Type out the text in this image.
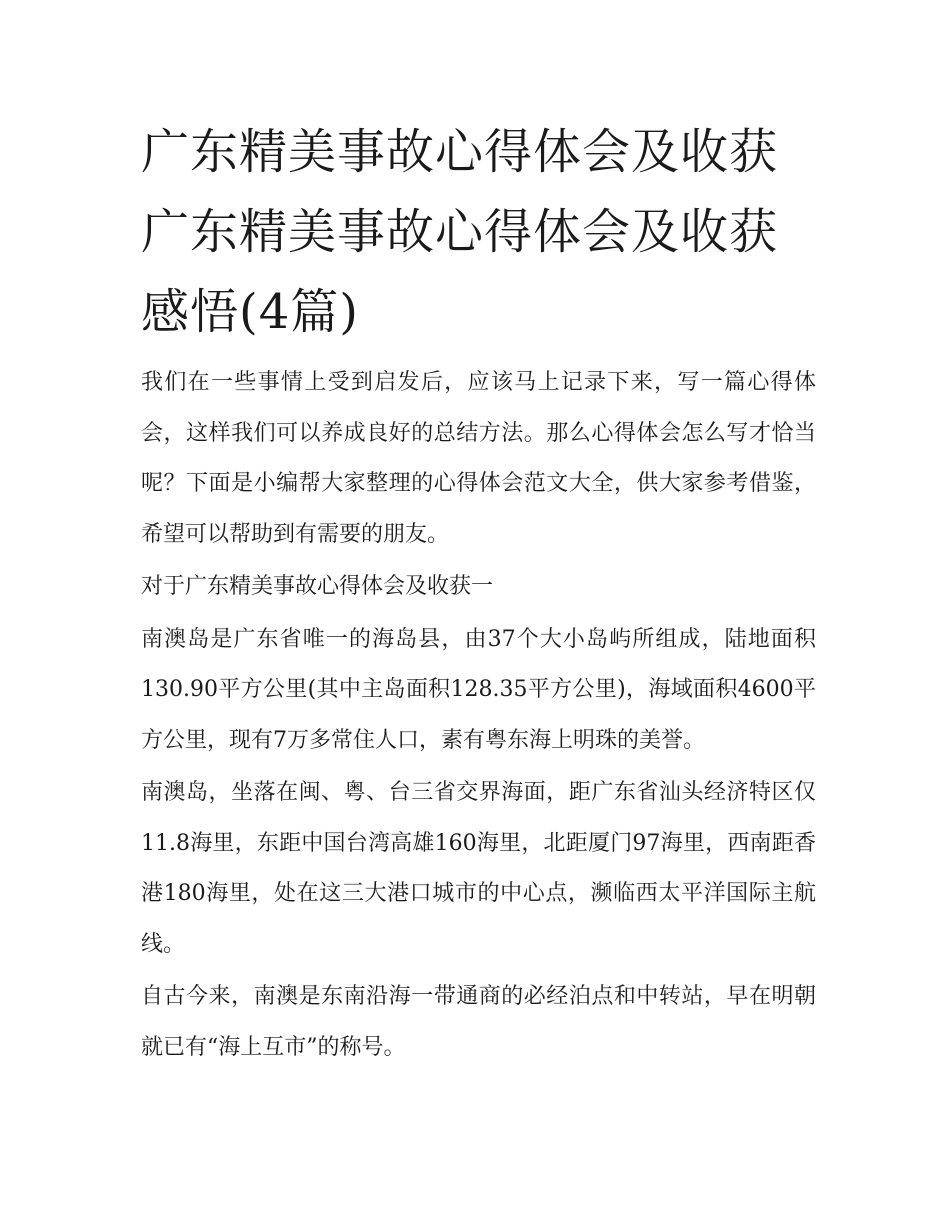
广东精美事故心得体会及收获
广东精美事故心得体会及收获
感悟(4篇)

我们在一些事情上受到启发后，应该马上记录下来，写一篇心得体会，这样我们可以养成良好的总结方法。那么心得体会怎么写才恰当呢？下面是小编帮大家整理的心得体会范文大全，供大家参考借鉴，希望可以帮助到有需要的朋友。

对于广东精美事故心得体会及收获一

南澳岛是广东省唯一的海岛县，由37个大小岛屿所组成，陆地面积130.90平方公里(其中主岛面积128.35平方公里)，海域面积4600平方公里，现有7万多常住人口，素有粤东海上明珠的美誉。

南澳岛，坐落在闽、粤、台三省交界海面，距广东省汕头经济特区仅11.8海里，东距中国台湾高雄160海里，北距厦门97海里，西南距香港180海里，处在这三大港口城市的中心点，濒临西太平洋国际主航线。

自古今来，南澳是东南沿海一带通商的必经泊点和中转站，早在明朝就已有“海上互市”的称号。
